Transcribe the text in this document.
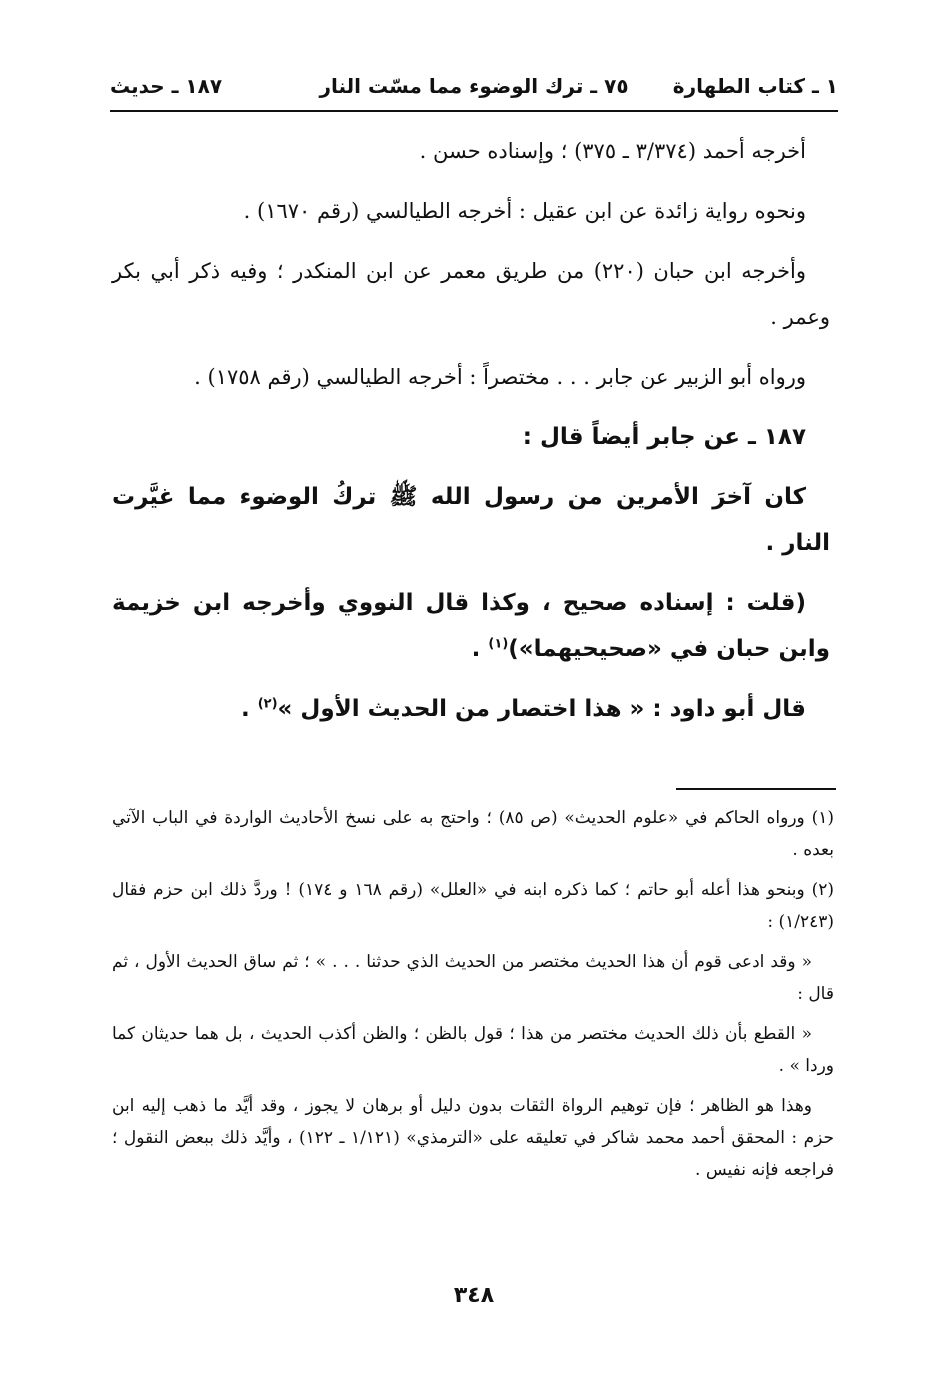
١ ـ كتاب الطهارة
٧٥ ـ ترك الوضوء مما مسّت النار
١٨٧ ـ حديث

أخرجه أحمد (٣/٣٧٤ ـ ٣٧٥) ؛ وإسناده حسن .

ونحوه رواية زائدة عن ابن عقيل : أخرجه الطيالسي (رقم ١٦٧٠) .

وأخرجه ابن حبان (٢٢٠) من طريق معمر عن ابن المنكدر ؛ وفيه ذكر أبي بكر وعمر .

ورواه أبو الزبير عن جابر . . . مختصراً : أخرجه الطيالسي (رقم ١٧٥٨) .

١٨٧ ـ عن جابر أيضاً قال :

كان آخرَ الأمرين من رسول الله ﷺ تركُ الوضوء مما غيَّرت النار .

(قلت : إسناده صحيح ، وكذا قال النووي وأخرجه ابن خزيمة وابن حبان في «صحيحيهما»)$^{(١)}$ .

قال أبو داود : « هذا اختصار من الحديث الأول »$^{(٢)}$ .

(١) ورواه الحاكم في «علوم الحديث» (ص ٨٥) ؛ واحتج به على نسخ الأحاديث الواردة في الباب الآتي بعده .

(٢) وبنحو هذا أعله أبو حاتم ؛ كما ذكره ابنه في «العلل» (رقم ١٦٨ و ١٧٤) ! وردَّ ذلك ابن حزم فقال (١/٢٤٣) :

« وقد ادعى قوم أن هذا الحديث مختصر من الحديث الذي حدثنا . . . » ؛ ثم ساق الحديث الأول ، ثم قال :

« القطع بأن ذلك الحديث مختصر من هذا ؛ قول بالظن ؛ والظن أكذب الحديث ، بل هما حديثان كما وردا » .

وهذا هو الظاهر ؛ فإن توهيم الرواة الثقات بدون دليل أو برهان لا يجوز ، وقد أيَّد ما ذهب إليه ابن حزم : المحقق أحمد محمد شاكر في تعليقه على «الترمذي» (١/١٢١ ـ ١٢٢) ، وأيَّد ذلك ببعض النقول ؛ فراجعه فإنه نفيس .

٣٤٨
